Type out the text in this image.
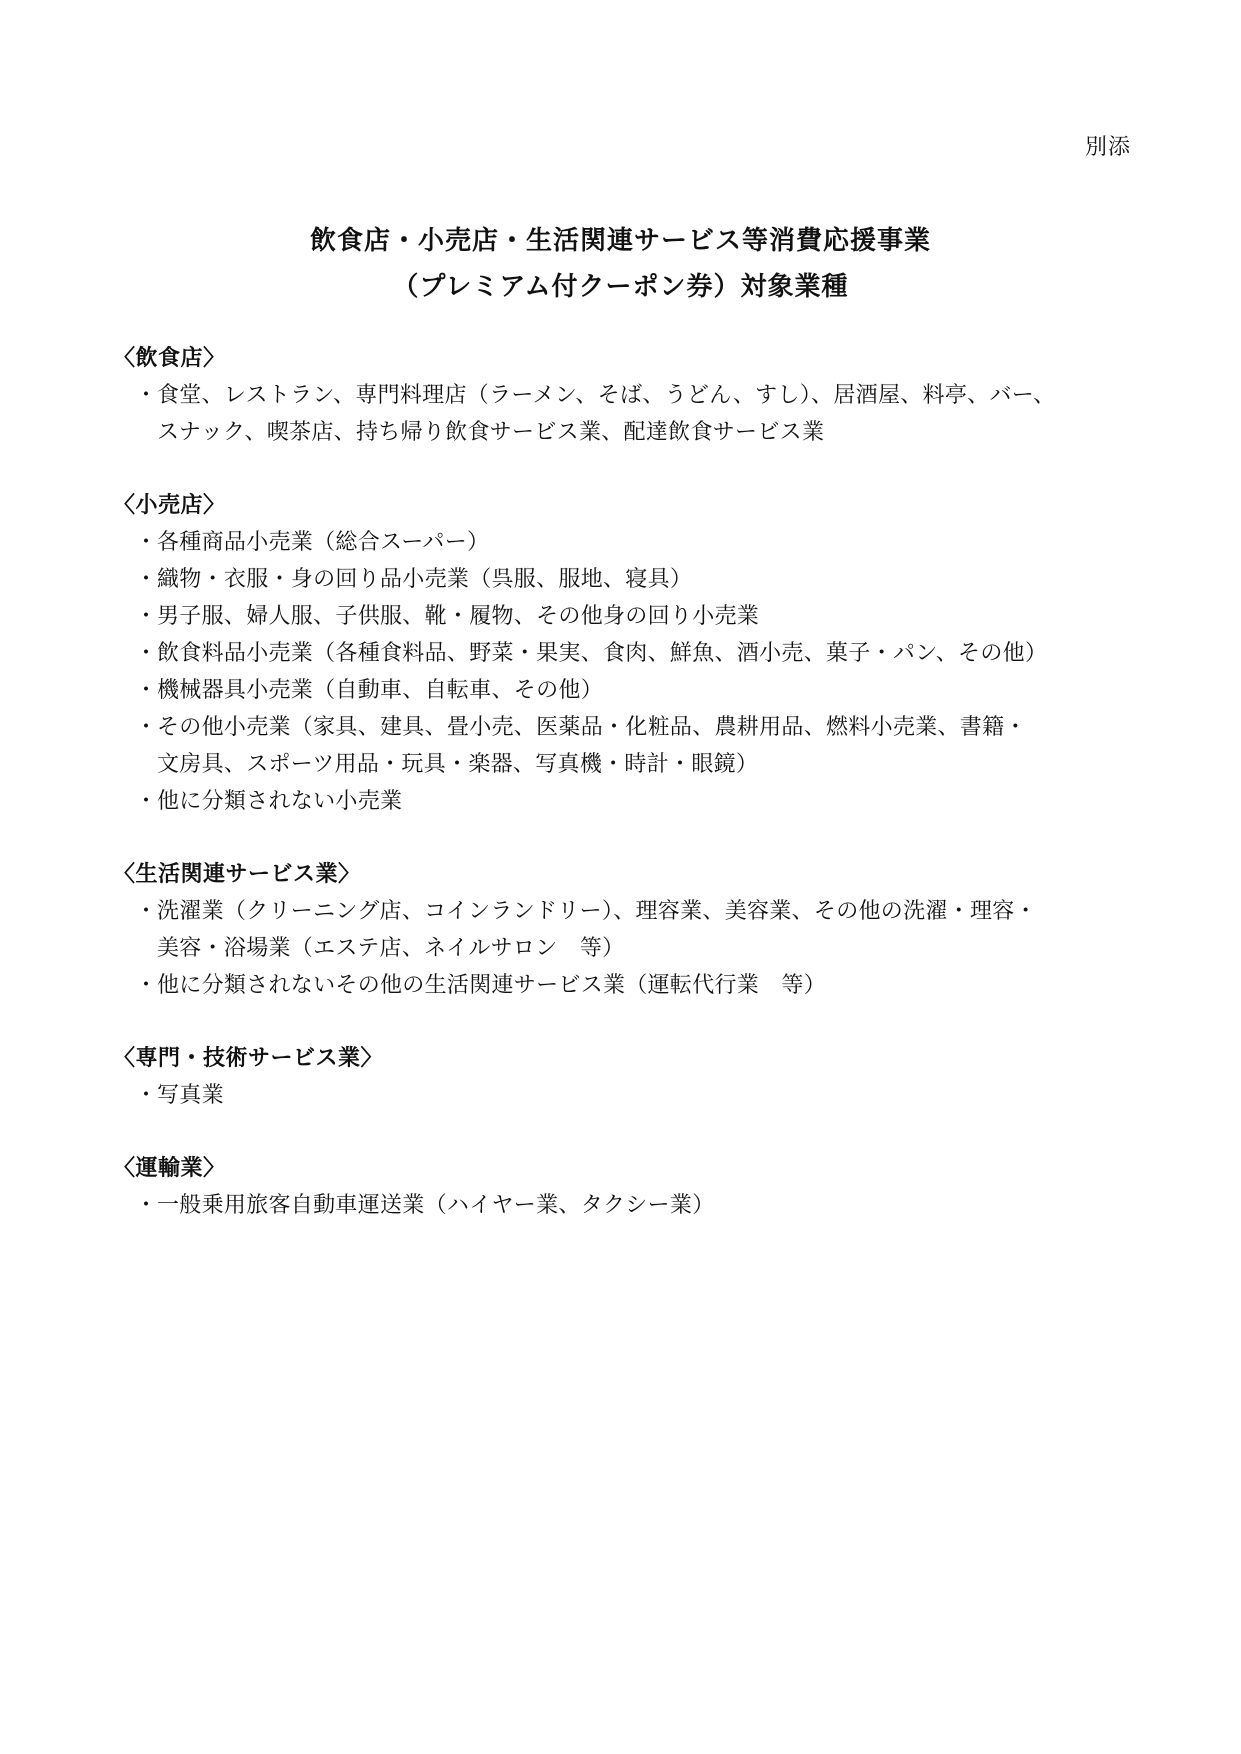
別添
飲食店・小売店・生活関連サービス等消費応援事業
（プレミアム付クーポン券）対象業種
〈飲食店〉
・ 食堂、レストラン、専門料理店（ラーメン、そば、うどん、すし）、居酒屋、料亭、バー、
スナック、喫茶店、持ち帰り飲食サービス業、配達飲食サービス業
〈小売店〉
・ 各種商品小売業（総合スーパー）
・ 織物・衣服・身の回り品小売業（呉服、服地、寝具）
・ 男子服、婦人服、子供服、靴・履物、その他身の回り小売業
・ 飲食料品小売業（各種食料品、野菜・果実、食肉、鮮魚、酒小売、菓子・パン、その他）
・ 機械器具小売業（自動車、自転車、その他）
・ その他小売業（家具、建具、畳小売、医薬品・化粧品、農耕用品、燃料小売業、書籍・
文房具、スポーツ用品・玩具・楽器、写真機・時計・眼鏡）
・ 他に分類されない小売業
〈生活関連サービス業〉
・ 洗濯業（クリーニング店、コインランドリー）、理容業、美容業、その他の洗濯・理容・
美容・浴場業（エステ店、ネイルサロン　等）
・ 他に分類されないその他の生活関連サービス業（運転代行業　等）
〈専門・技術サービス業〉
・ 写真業
〈運輸業〉
・ 一般乗用旅客自動車運送業（ハイヤー業、タクシー業）
